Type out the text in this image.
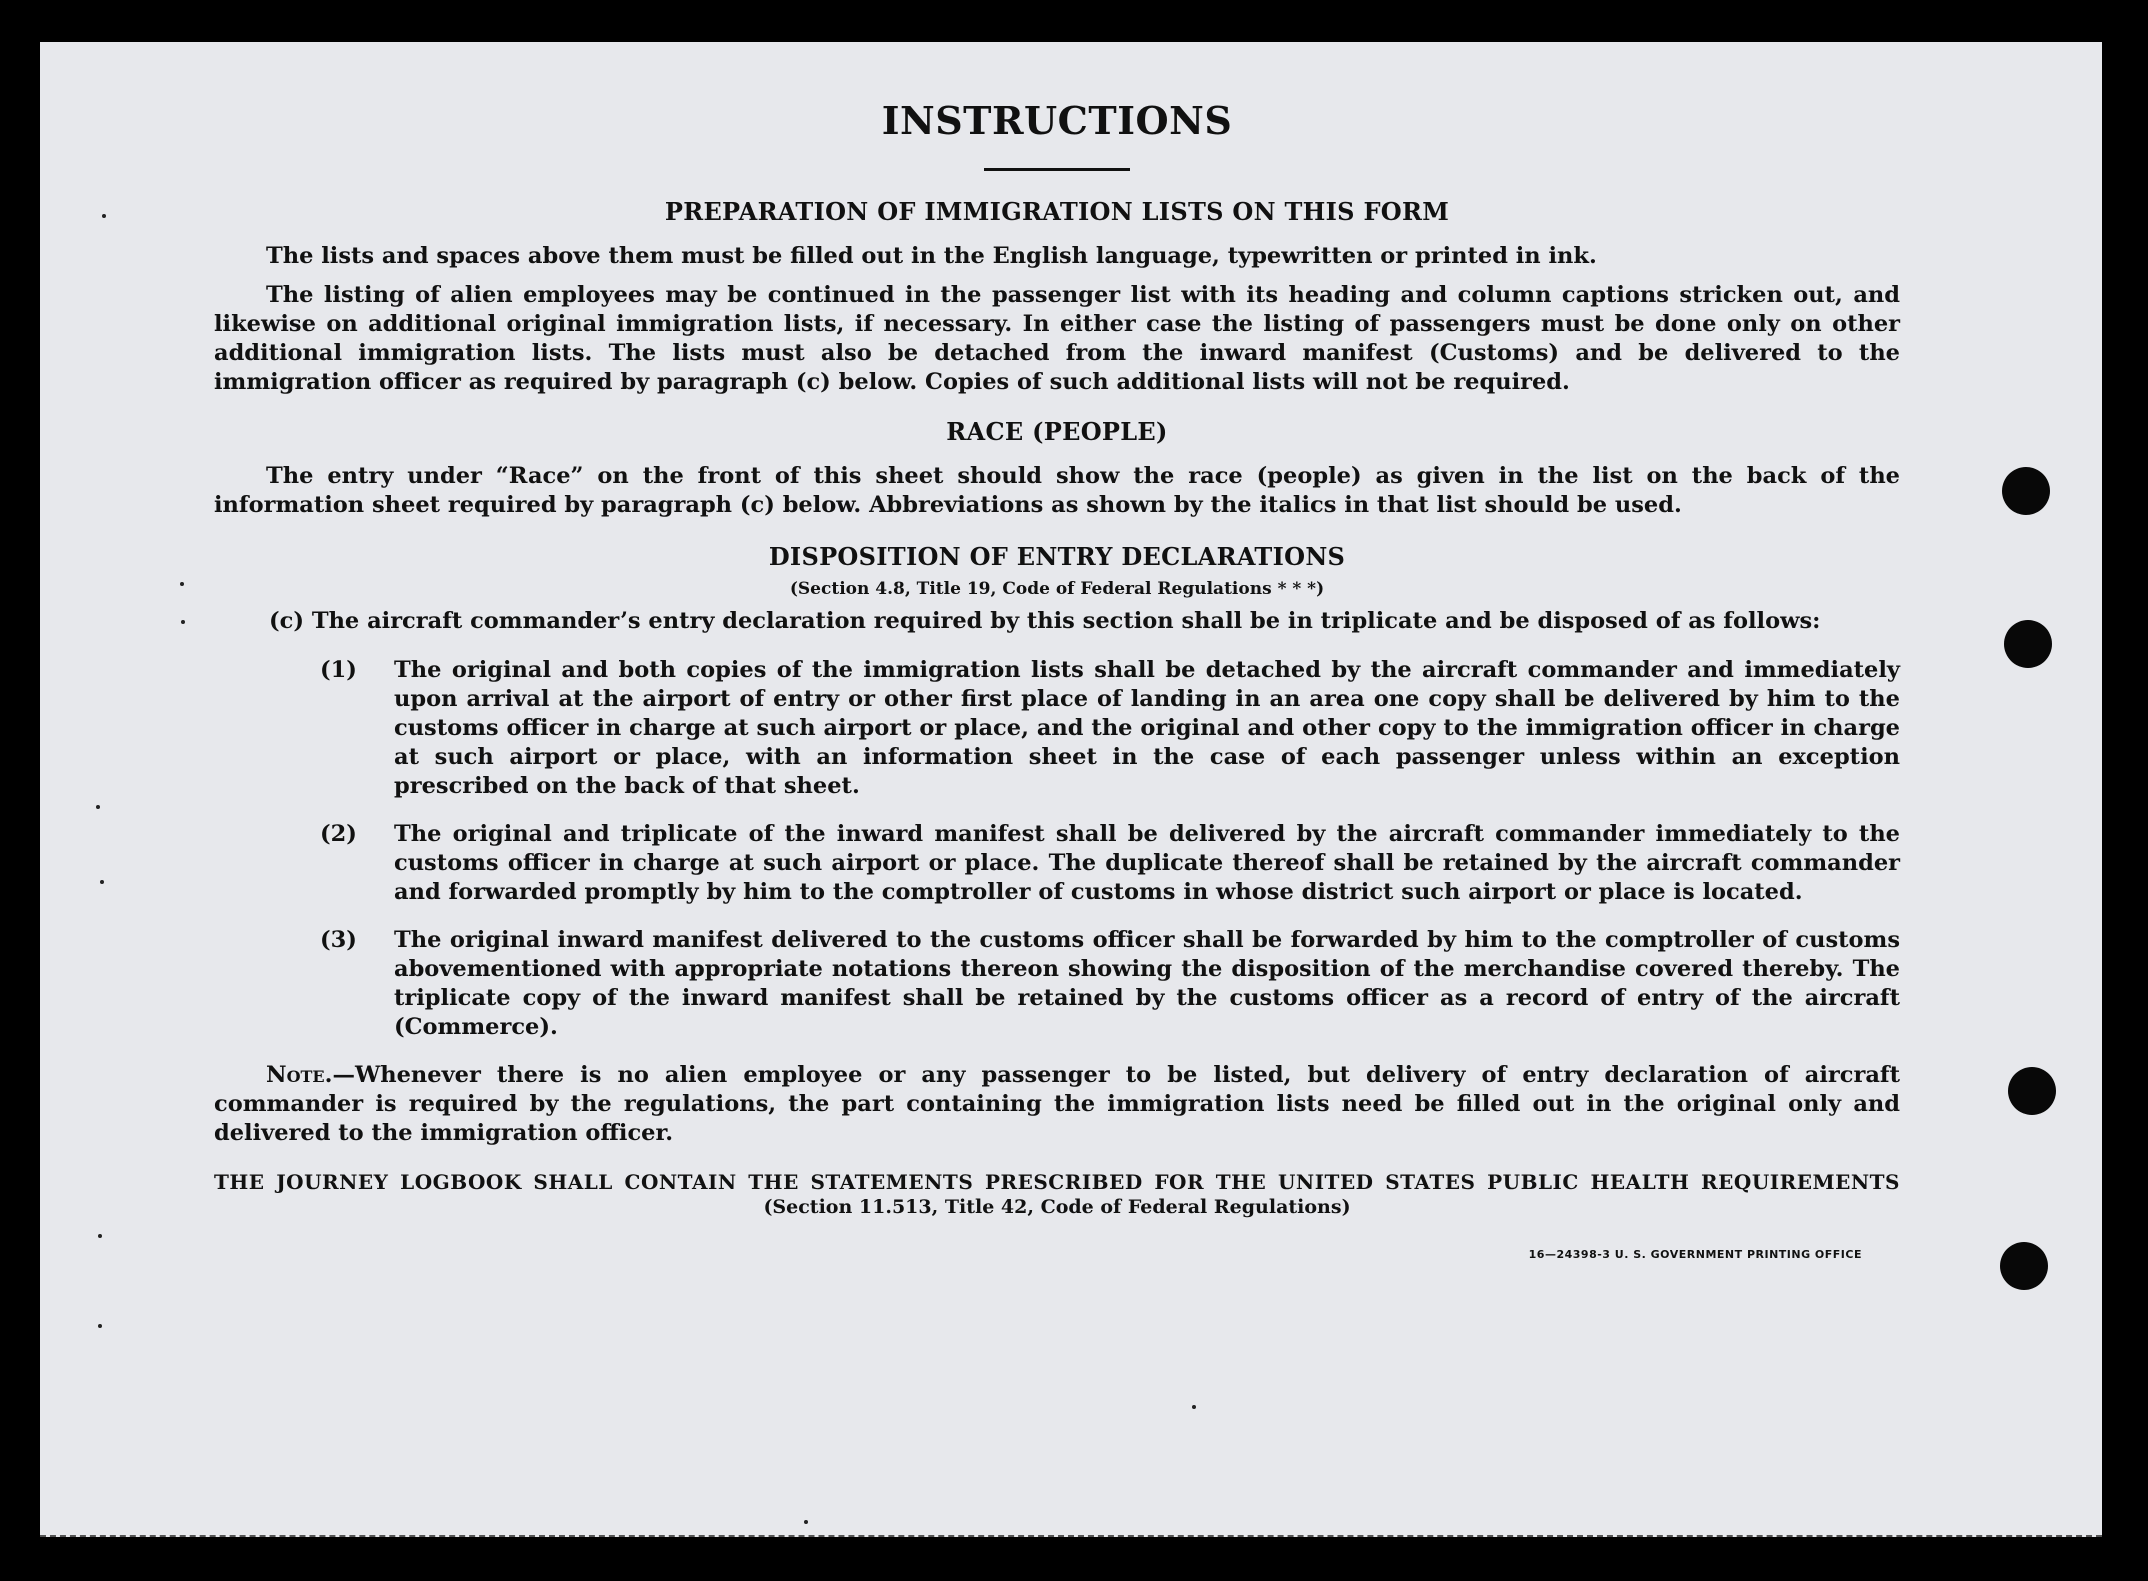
INSTRUCTIONS
PREPARATION OF IMMIGRATION LISTS ON THIS FORM

The lists and spaces above them must be filled out in the English language, typewritten or printed in ink.

The listing of alien employees may be continued in the passenger list with its heading and column captions stricken out, and likewise on additional original immigration lists, if necessary. In either case the listing of passengers must be done only on other additional immigration lists. The lists must also be detached from the inward manifest (Customs) and be delivered to the immigration officer as required by paragraph (c) below. Copies of such additional lists will not be required.

RACE (PEOPLE)

The entry under “Race” on the front of this sheet should show the race (people) as given in the list on the back of the information sheet required by paragraph (c) below. Abbreviations as shown by the italics in that list should be used.

DISPOSITION OF ENTRY DECLARATIONS
(Section 4.8, Title 19, Code of Federal Regulations * * *)

(c) The aircraft commander’s entry declaration required by this section shall be in triplicate and be disposed of as follows:

(1) The original and both copies of the immigration lists shall be detached by the aircraft commander and immediately upon arrival at the airport of entry or other first place of landing in an area one copy shall be delivered by him to the customs officer in charge at such airport or place, and the original and other copy to the immigration officer in charge at such airport or place, with an information sheet in the case of each passenger unless within an exception prescribed on the back of that sheet.
(2) The original and triplicate of the inward manifest shall be delivered by the aircraft commander immediately to the customs officer in charge at such airport or place. The duplicate thereof shall be retained by the aircraft commander and forwarded promptly by him to the comptroller of customs in whose district such airport or place is located.
(3) The original inward manifest delivered to the customs officer shall be forwarded by him to the comptroller of customs abovementioned with appropriate notations thereon showing the disposition of the merchandise covered thereby. The triplicate copy of the inward manifest shall be retained by the customs officer as a record of entry of the aircraft (Commerce).

Note.—Whenever there is no alien employee or any passenger to be listed, but delivery of entry declaration of aircraft commander is required by the regulations, the part containing the immigration lists need be filled out in the original only and delivered to the immigration officer.

THE JOURNEY LOGBOOK SHALL CONTAIN THE STATEMENTS PRESCRIBED FOR THE UNITED STATES PUBLIC HEALTH REQUIREMENTS
(Section 11.513, Title 42, Code of Federal Regulations)
16—24398-3 U. S. GOVERNMENT PRINTING OFFICE
